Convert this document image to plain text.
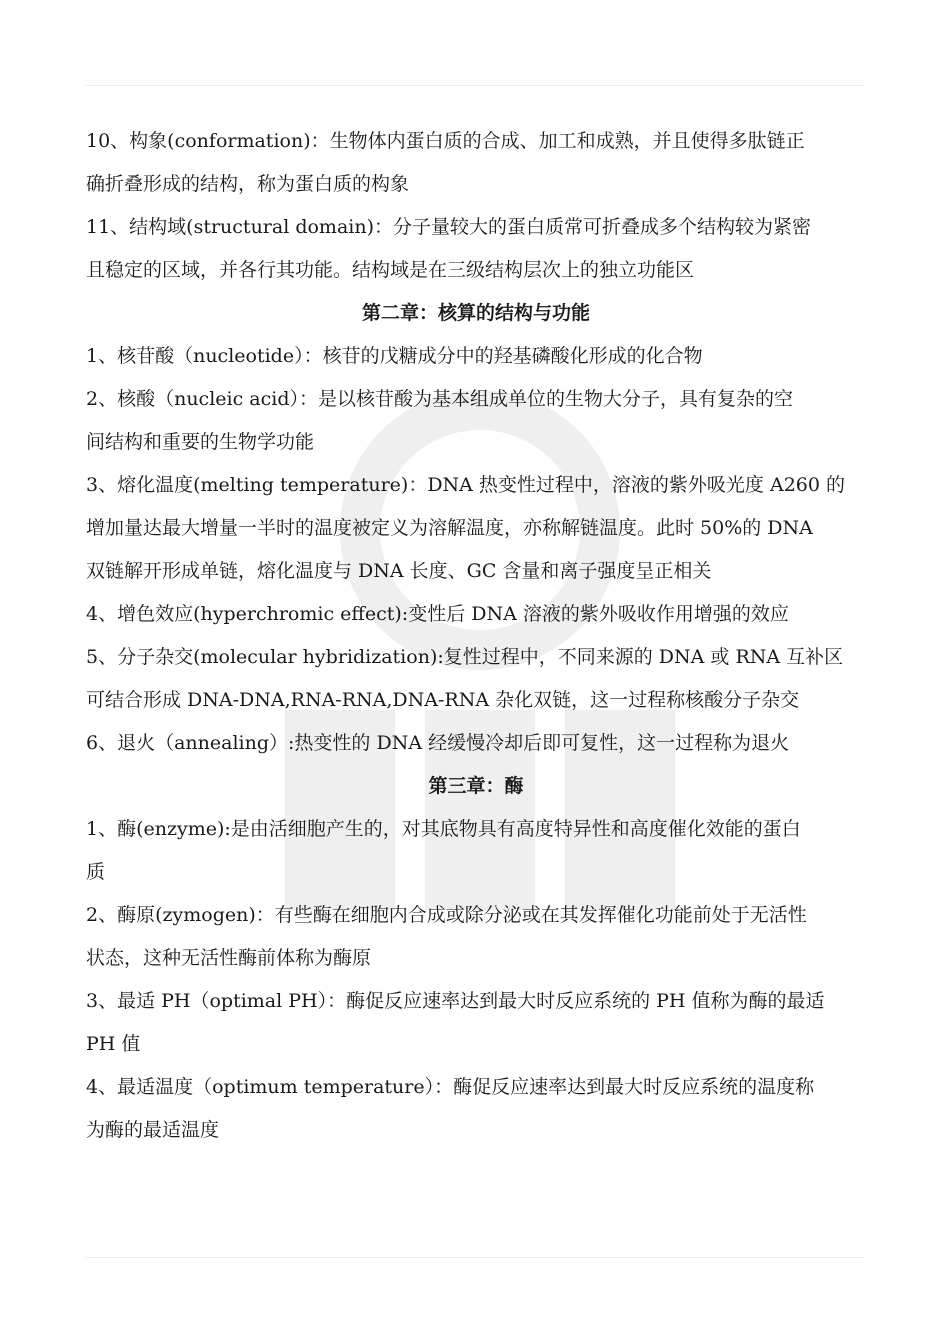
10、构象(conformation)：生物体内蛋白质的合成、加工和成熟，并且使得多肽链正

确折叠形成的结构，称为蛋白质的构象

11、结构域(structural domain)：分子量较大的蛋白质常可折叠成多个结构较为紧密

且稳定的区域，并各行其功能。结构域是在三级结构层次上的独立功能区

第二章：核算的结构与功能

1、核苷酸（nucleotide）：核苷的戊糖成分中的羟基磷酸化形成的化合物

2、核酸（nucleic acid）：是以核苷酸为基本组成单位的生物大分子，具有复杂的空

间结构和重要的生物学功能

3、熔化温度(melting temperature)：DNA 热变性过程中，溶液的紫外吸光度 A260 的

增加量达最大增量一半时的温度被定义为溶解温度，亦称解链温度。此时 50%的 DNA

双链解开形成单链，熔化温度与 DNA 长度、GC 含量和离子强度呈正相关

4、增色效应(hyperchromic effect):变性后 DNA 溶液的紫外吸收作用增强的效应

5、分子杂交(molecular hybridization):复性过程中，不同来源的 DNA 或 RNA 互补区

可结合形成 DNA-DNA,RNA-RNA,DNA-RNA 杂化双链，这一过程称核酸分子杂交

6、退火（annealing）:热变性的 DNA 经缓慢冷却后即可复性，这一过程称为退火

第三章：酶

1、酶(enzyme):是由活细胞产生的，对其底物具有高度特异性和高度催化效能的蛋白

质

2、酶原(zymogen)：有些酶在细胞内合成或除分泌或在其发挥催化功能前处于无活性

状态，这种无活性酶前体称为酶原

3、最适 PH（optimal PH）：酶促反应速率达到最大时反应系统的 PH 值称为酶的最适

PH 值

4、最适温度（optimum temperature）：酶促反应速率达到最大时反应系统的温度称

为酶的最适温度
